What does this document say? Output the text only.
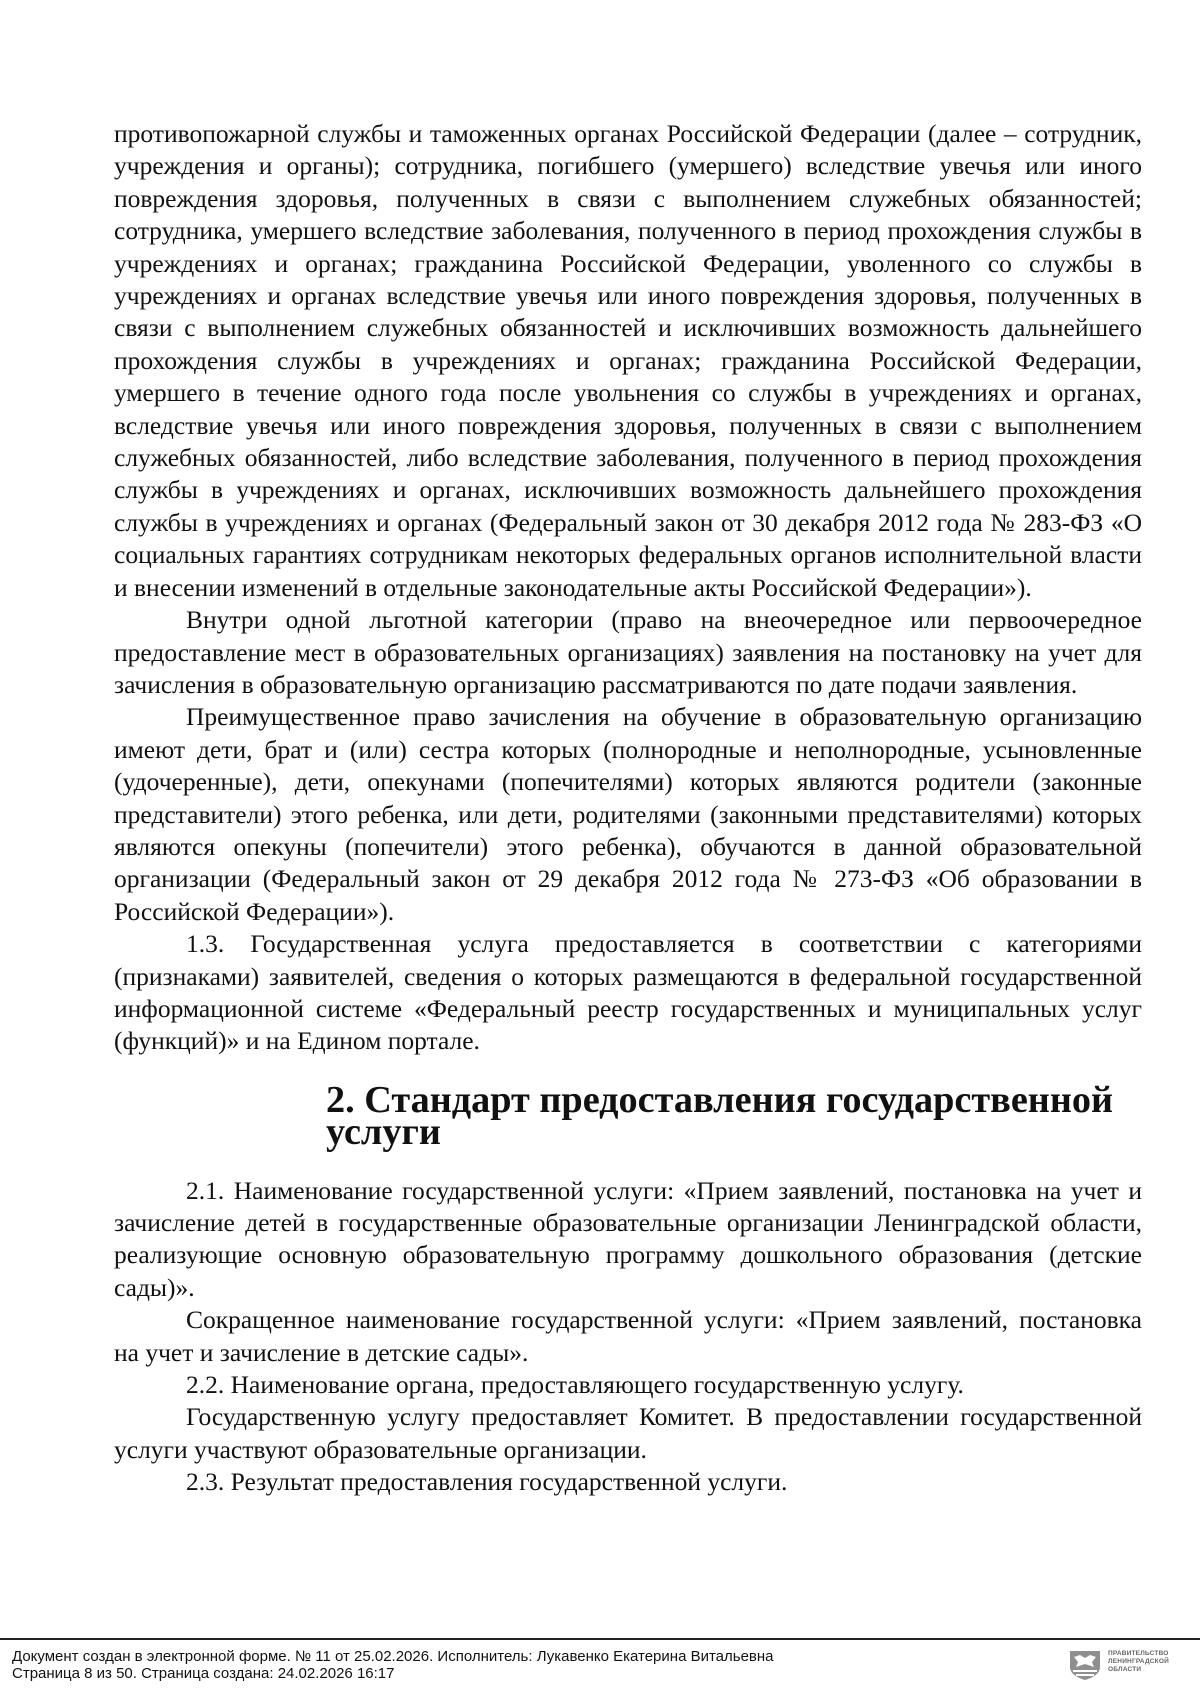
противопожарной службы и таможенных органах Российской Федерации (далее – сотрудник, учреждения и органы); сотрудника, погибшего (умершего) вследствие увечья или иного повреждения здоровья, полученных в связи с выполнением служебных обязанностей; сотрудника, умершего вследствие заболевания, полученного в период прохождения службы в учреждениях и органах; гражданина Российской Федерации, уволенного со службы в учреждениях и органах вследствие увечья или иного повреждения здоровья, полученных в связи с выполнением служебных обязанностей и исключивших возможность дальнейшего прохождения службы в учреждениях и органах; гражданина Российской Федерации, умершего в течение одного года после увольнения со службы в учреждениях и органах, вследствие увечья или иного повреждения здоровья, полученных в связи с выполнением служебных обязанностей, либо вследствие заболевания, полученного в период прохождения службы в учреждениях и органах, исключивших возможность дальнейшего прохождения службы в учреждениях и органах (Федеральный закон от 30 декабря 2012 года № 283-ФЗ «О социальных гарантиях сотрудникам некоторых федеральных органов исполнительной власти и внесении изменений в отдельные законодательные акты Российской Федерации»).

Внутри одной льготной категории (право на внеочередное или первоочередное предоставление мест в образовательных организациях) заявления на постановку на учет для зачисления в образовательную организацию рассматриваются по дате подачи заявления.

Преимущественное право зачисления на обучение в образовательную организацию имеют дети, брат и (или) сестра которых (полнородные и неполнородные, усыновленные (удочеренные), дети, опекунами (попечителями) которых являются родители (законные представители) этого ребенка, или дети, родителями (законными представителями) которых являются опекуны (попечители) этого ребенка), обучаются в данной образовательной организации (Федеральный закон от 29 декабря 2012 года № 273-ФЗ «Об образовании в Российской Федерации»).

1.3. Государственная услуга предоставляется в соответствии с категориями (признаками) заявителей, сведения о которых размещаются в федеральной государственной информационной системе «Федеральный реестр государственных и муниципальных услуг (функций)» и на Едином портале.

2. Стандарт предоставления государственной услуги

2.1. Наименование государственной услуги: «Прием заявлений, постановка на учет и зачисление детей в государственные образовательные организации Ленинградской области, реализующие основную образовательную программу дошкольного образования (детские сады)».

Сокращенное наименование государственной услуги: «Прием заявлений, постановка на учет и зачисление в детские сады».

2.2. Наименование органа, предоставляющего государственную услугу.

Государственную услугу предоставляет Комитет. В предоставлении государственной услуги участвуют образовательные организации.

2.3. Результат предоставления государственной услуги.

Документ создан в электронной форме. № 11 от 25.02.2026. Исполнитель: Лукавенко Екатерина Витальевна
Страница 8 из 50. Страница создана: 24.02.2026 16:17
ПРАВИТЕЛЬСТВО
ЛЕНИНГРАДСКОЙ
ОБЛАСТИ
